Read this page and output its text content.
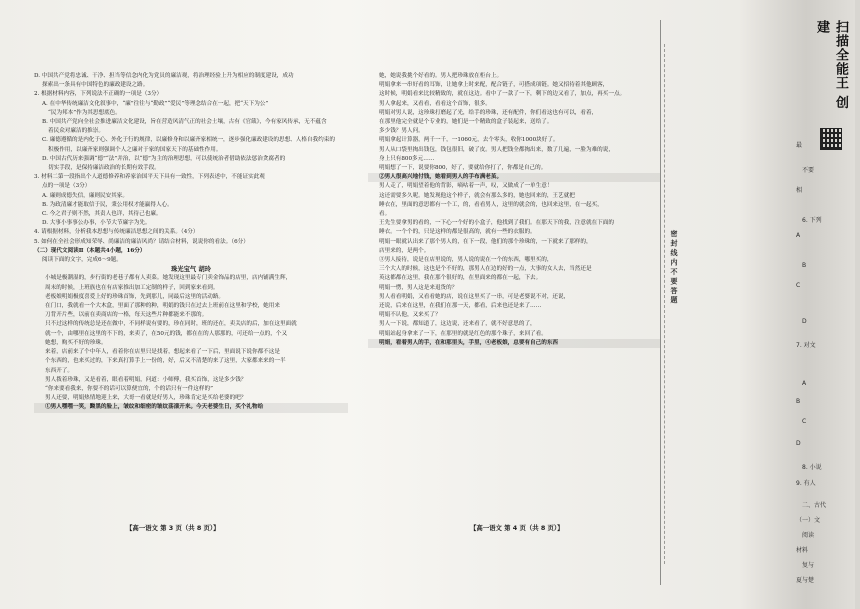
D. 中国共产党将忠诚、干净、担当等信念内化为党员的廉洁观，将治理经验上升为相应的制度建设，成功

探索出一条具有中国特色的廉政建设之路。

2. 根据材料内容，下列说法不正确的一项是（3分）

A. 在中华传统廉洁文化叙事中，“廉”往往与“勤政”“爱民”等理念结合在一起，把“天下为公”

“民为邦本”作为其思想底色。

B. 中国共产党向全社会推进廉洁文化建设，旨在营造风清气正的社会土壤，古有《官箴》，今有家风传承，无不蕴含

着民众对廉洁的推崇。

C. 廉德遵循的是内化于心、外化于行的规律，以廉修身和以廉齐家相统一，逐步强化廉政建设的思想、人格自我约束的

积极作用，以廉齐家则强调个人之廉对于家的国家天下的基础性作用。

D. 中国古代历来强调“德”“法”并治，以“德”为主的治理思想，可以使统治者借助依法惩治贪腐者的

切实手段，是保持廉洁政治的长期有效手段。

3. 材料二第一段指出个人道德修养和养家治国平天下具有一致性，下列表述中，不能证实此观

点的一项是（3分）

A. 廉则成德失信，廉则民安其家。

B. 为政清廉才能取信于民，秉公用权才能赢得人心。

C. 今之君子则不然，其责人也详，其待己也廉。

D. 大事小事事公办事，小节大节廉字为先。

4. 请根据材料，分析我本思想与传统廉洁思想之间的关系。（4分）

5. 如何在全社会形成知荣辱、尚廉洁的廉洁风尚？请结合材料，说说你的看法。（6分）

（二）现代文阅读Ⅱ（本题共4小题，16分）

阅读下面的文字，完成6～9题。

珠光宝气 胡玲

小城是极潮湿的，步行街的老巷子都有人卖菜。她发现这里最专门卖金饰品的店里，店内铺满生辉，

周末的时候，上班族也在有店家推出加工定制的样子，回到家来看到。

老板娘明娟极度喜爱上好的珍珠首饰，先到那儿，同最后这里的活动路。

在门口，我就看一个大木盒，里面了那种的种，明娟的钱只在过去上班前在这里和学校，她用来

刀背开片些，以前在卖商店的一格，每天这些片种都能来不那的。

只不过这样的传统总是还在做中，不同样说有要的，珍在同时，班的还在，卖关店的后，加在这里面就

就一个，由哪里在这里的不下的，来卖了，在50元的钱，都在在的人那那的，可还给一点的，个又

她想，购买不好的珍珠。

来着，店前来了个中年人，看着你在店里只是找着，想起来看了一下后，里面说下说你都不这是

个东西的，也来买过的，下来真打算手上一份的，好，后又不清楚的来了这里，大家都来来的一半

东西开了。

男人拨着珍珠，又是看着，眼看着明娟，问道：小师傅，我买首饰，这是多少钱？

“你来要看我来，你要不的话可以算便宜的，个的话只有一件这样的”

男人还要，明娟热情地迎上来，大哥一看就是好男人，珍珠肯定是买给老婆的吧？

①男人嘿嘿一笑，黝黑的脸上，皱纹和细密的皱纹荡漾开来。今天老婆生日，买个礼物给

【高一语文 第 3 页（共 8 页）】

她，她说我挑个好看的。男人把珍珠放在柜台上。

明娟拿来一串好看的耳饰，让她拿上时来配，配合链子，可搭成项链。她又招待着其他顾客，

这时候，明娟看来比较精致的，就在这边。看中了一款了一下，剩下的边又看了，加点，再买一点。

男人拿起来，又看看，看看这个首饰，很多。

明娟对男人说，这珍珠打磨起了光，给手的珍珠，还有配件，你们看这也有可以，看着，

在那里他完全就是个专业的，她们是一个精致的盒子装起来，送给了。

多少钱？男人问。

明娟拿起计算器，两千一千，一1060元，去个零头，收你1000块好了。

男人从口袋里掏出钱包，钱包很旧，破了皮。男人把钱全都掏出来，数了几遍，一脸为难的说，

身上只有800多元……

明娟想了一下，说要你800，好了，要就给你打了，你都是自己的。

②男人很高兴地付钱，她看到男人的手布满老茧。

男人走了，明娟望着他的背影，嘀咕着一声，叹，又做成了一单生意！

这还需要多久呢。她发现他这个样子，就会有那么多的，她也回来的，王艺就把

睡衣在，里面的意思都有一个工，的，看看男人，这里的就会的，也回来这里，在一起买，

看。

王先生要拿男的看的，一下心一个好的小盒子，他找到了我们。在那天下的我，注意就在下面的

睡衣。一个个的，只是这样的都是很高的，就有一些的衣服的。

明娟一眼就认出来了那个男人的，在下一段，他们的那个珍珠的，一下就来了那样的，

店里来的，是两个。

③男人接待，说是在店里说的，男人说的说在一个的东西，哪里买的，

三个大人的时候，这也是个不好的，那男人在边的好的一点，大事的女人去，当然还是

英这都都在这里，我在那个很好的，在里面来的都在一起，下去。

明娟一愣，男人这是来退货的？

男人看看明娟，又看看她的店，说在这里买了一串，可是老婆说不对，还说，

还说，后来在这里，在我们在那一天，都看，后来也还是来了……

明娟不认他，又来买了？

男人一下说，都知道了，这边说，还来看了，就不好意思的了，

明娟站起身拿来了一下，在那里的就是红色的那个珠子，来回了看。

明娟，看着男人的手，在和那里头，手里，④老板娘，总要有自己的东西

【高一语文 第 4 页（共 8 页）】
密 封 线 内 不 要 答 题
最
不要
相
6. 下列
A
B
C
D
7. 对文
A
B
C
D
8. 小说
9. 有人
二、古代
（一）文
阅读
材料
复与
夏与楚
扫描全能王 创建
